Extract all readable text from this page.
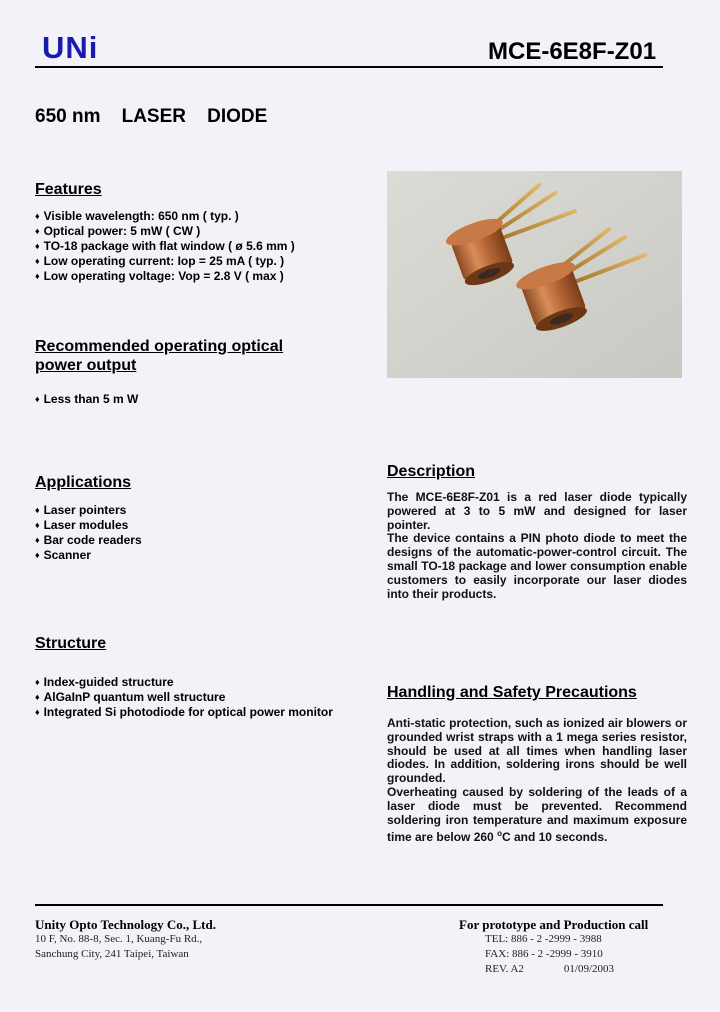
UNi	MCE-6E8F-Z01
650 nm    LASER    DIODE
Features
♦ Visible wavelength: 650 nm ( typ. )
♦ Optical power: 5 mW ( CW )
♦ TO-18 package with flat window ( ø 5.6 mm )
♦ Low operating current: Iop = 25 mA ( typ. )
♦ Low operating voltage: Vop = 2.8 V ( max )
Recommended operating optical
power output
♦ Less than 5 m W
Applications
♦ Laser pointers
♦ Laser modules
♦ Bar code readers
♦ Scanner
Structure
♦ Index-guided structure
♦ AlGaInP quantum well structure
♦ Integrated Si photodiode for optical power monitor
Description
The MCE-6E8F-Z01 is a red laser diode typically powered at 3 to 5 mW and designed for laser pointer.
The device contains a PIN photo diode to meet the designs of the automatic-power-control circuit. The small TO-18 package and lower consumption enable customers to easily incorporate our laser diodes into their products.
Handling and Safety Precautions
Anti-static protection, such as ionized air blowers or grounded wrist straps with a 1 mega series resistor, should be used at all times when handling laser diodes. In addition, soldering irons should be well grounded.
Overheating caused by soldering of the leads of a laser diode must be prevented. Recommend soldering iron temperature and maximum exposure time are below 260 $^o$C and 10 seconds.
Unity Opto Technology Co., Ltd.
10 F, No. 88-8, Sec. 1, Kuang-Fu Rd.,
Sanchung City, 241 Taipei, Taiwan
For prototype and Production call
TEL: 886 - 2 -2999 - 3988
FAX: 886 - 2 -2999 - 3910
REV. A2	01/09/2003
